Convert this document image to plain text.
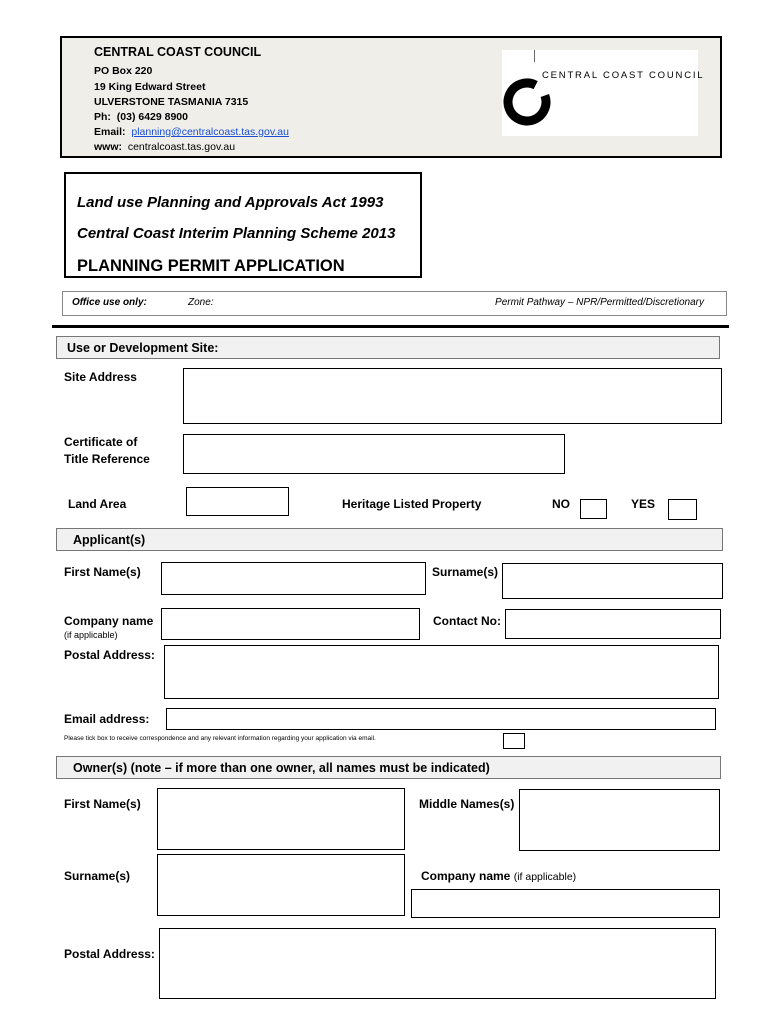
CENTRAL COAST COUNCIL
PO Box 220
19 King Edward Street
ULVERSTONE TASMANIA 7315
Ph: (03) 6429 8900
Email: planning@centralcoast.tas.gov.au
www: centralcoast.tas.gov.au
CENTRAL COAST COUNCIL
Land use Planning and Approvals Act 1993
Central Coast Interim Planning Scheme 2013
PLANNING PERMIT APPLICATION
Office use only:	Zone:	Permit Pathway – NPR/Permitted/Discretionary
Use or Development Site:
Site Address
Certificate of
Title Reference
Land Area	Heritage Listed Property	NO	YES
Applicant(s)
First Name(s)	Surname(s)
Company name
(if applicable)
Contact No:
Postal Address:
Email address:
Please tick box to receive correspondence and any relevant information regarding your application via email.
Owner(s) (note – if more than one owner, all names must be indicated)
First Name(s)	Middle Names(s)
Surname(s)	Company name (if applicable)
Postal Address:
